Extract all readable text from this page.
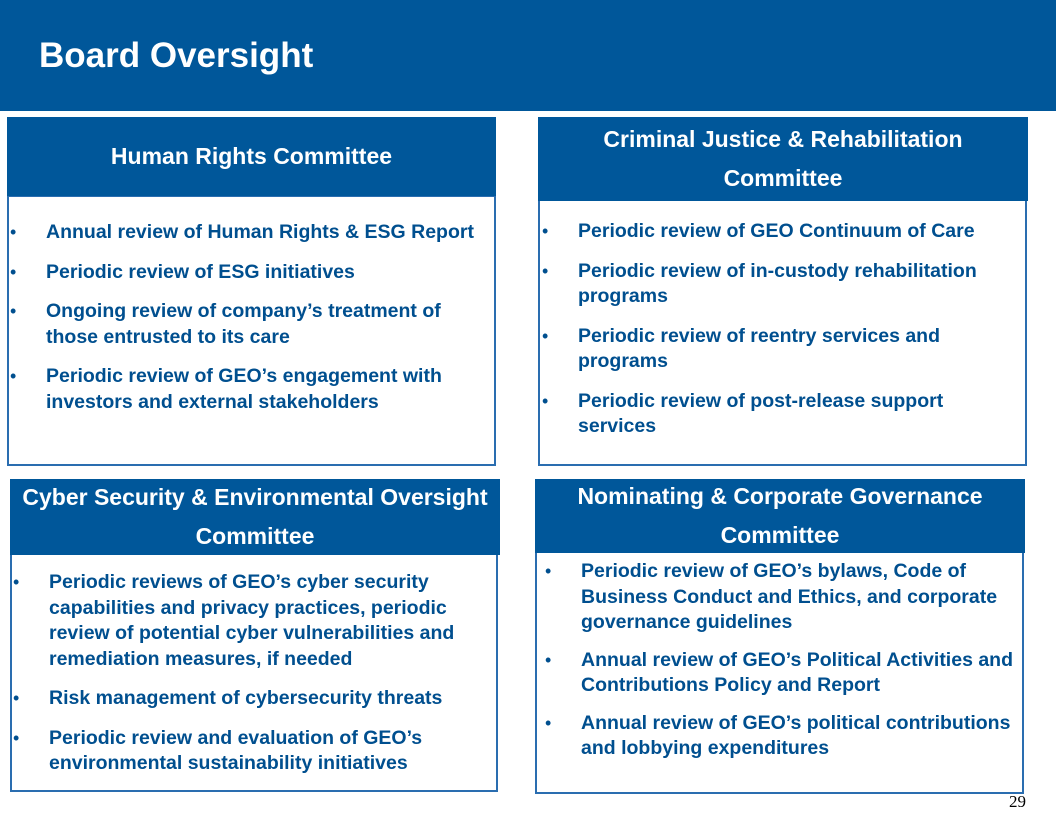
Board Oversight
Human Rights Committee
• Annual review of Human Rights & ESG Report
• Periodic review of ESG initiatives
• Ongoing review of company’s treatment of those entrusted to its care
• Periodic review of GEO’s engagement with investors and external stakeholders
Criminal Justice & Rehabilitation Committee
• Periodic review of GEO Continuum of Care
• Periodic review of in-custody rehabilitation programs
• Periodic review of reentry services and programs
• Periodic review of post-release support services
Cyber Security & Environmental Oversight Committee
• Periodic reviews of GEO’s cyber security capabilities and privacy practices, periodic review of potential cyber vulnerabilities and remediation measures, if needed
• Risk management of cybersecurity threats
• Periodic review and evaluation of GEO’s environmental sustainability initiatives
Nominating & Corporate Governance Committee
• Periodic review of GEO’s bylaws, Code of Business Conduct and Ethics, and corporate governance guidelines
• Annual review of GEO’s Political Activities and Contributions Policy and Report
• Annual review of GEO’s political contributions and lobbying expenditures
29
